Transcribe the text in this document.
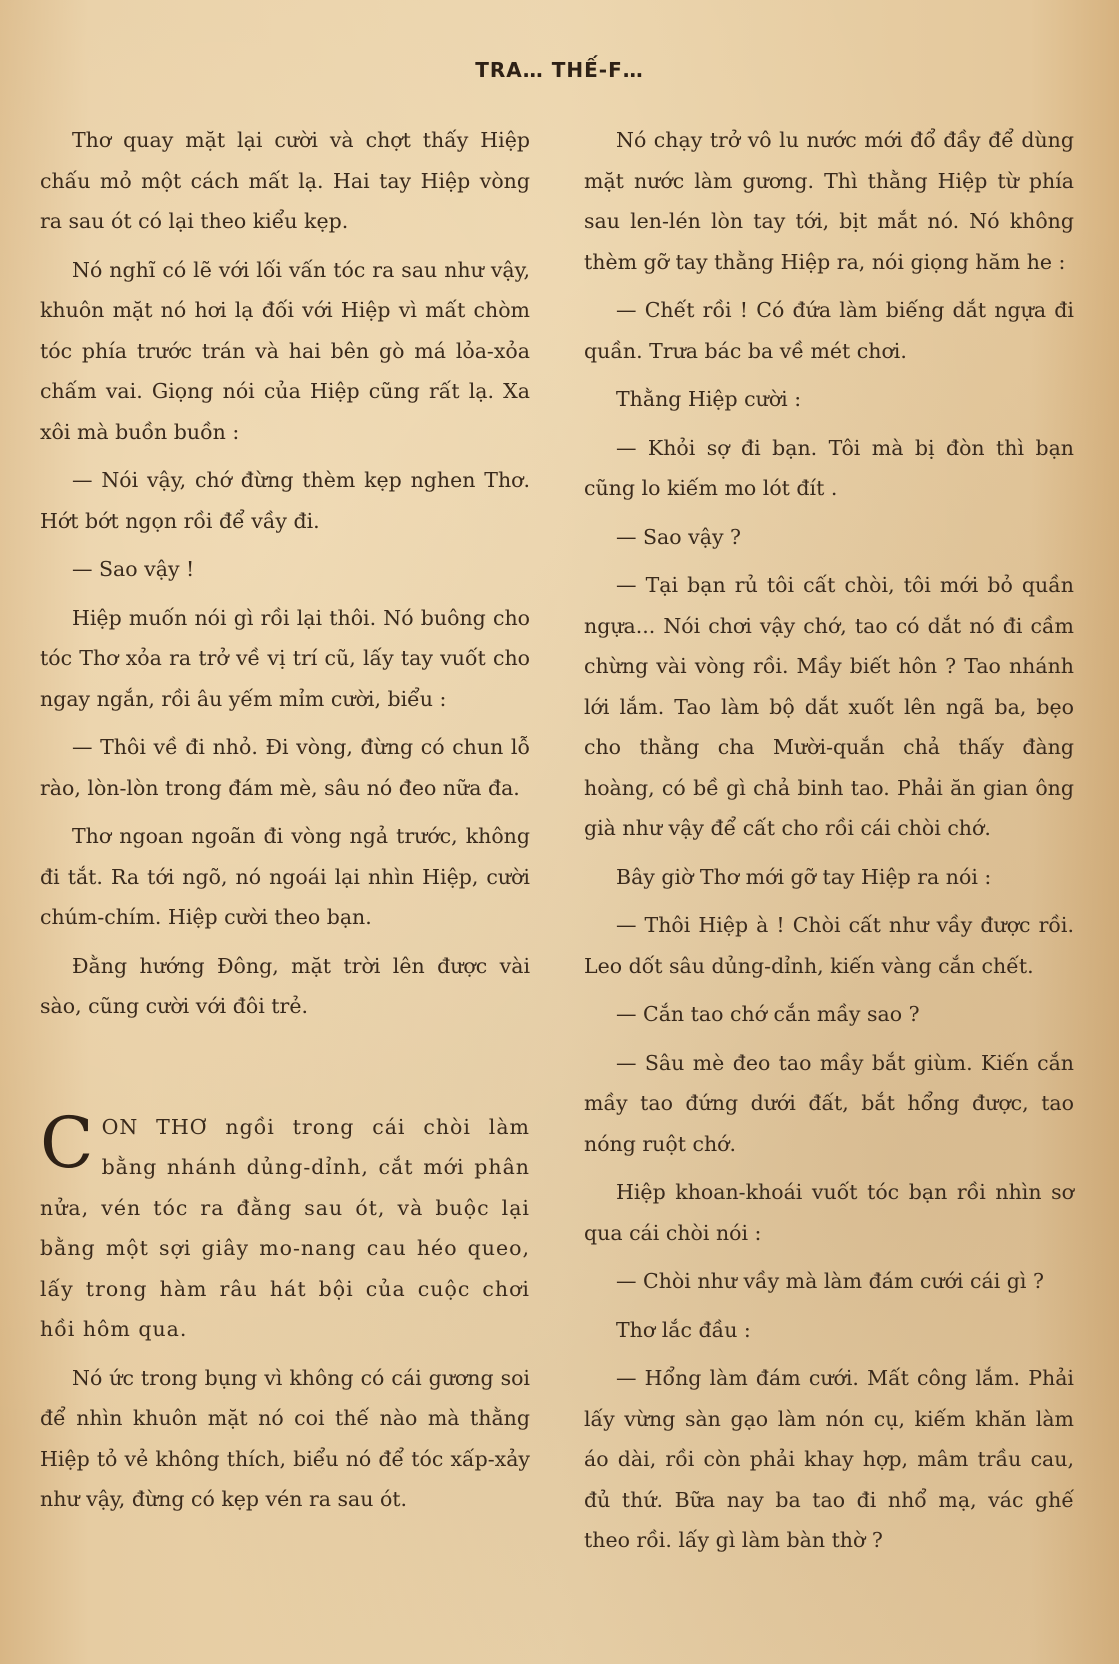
TRA… THẾ-F…

Thơ quay mặt lại cười và chợt thấy Hiệp chấu mỏ một cách mất lạ. Hai tay Hiệp vòng ra sau ót có lại theo kiểu kẹp.

Nó nghĩ có lẽ với lối vấn tóc ra sau như vậy, khuôn mặt nó hơi lạ đối với Hiệp vì mất chòm tóc phía trước trán và hai bên gò má lỏa-xỏa chấm vai. Giọng nói của Hiệp cũng rất lạ. Xa xôi mà buồn buồn :

— Nói vậy, chớ đừng thèm kẹp nghen Thơ. Hớt bớt ngọn rồi để vầy đi.

— Sao vậy !

Hiệp muốn nói gì rồi lại thôi. Nó buông cho tóc Thơ xỏa ra trở về vị trí cũ, lấy tay vuốt cho ngay ngắn, rồi âu yếm mỉm cười, biểu :

— Thôi về đi nhỏ. Đi vòng, đừng có chun lỗ rào, lòn-lòn trong đám mè, sâu nó đeo nữa đa.

Thơ ngoan ngoãn đi vòng ngả trước, không đi tắt. Ra tới ngõ, nó ngoái lại nhìn Hiệp, cười chúm-chím. Hiệp cười theo bạn.

Đằng hướng Đông, mặt trời lên được vài sào, cũng cười với đôi trẻ.

C ON THƠ ngồi trong cái chòi làm bằng nhánh dủng-dỉnh, cắt mới phân nửa, vén tóc ra đằng sau ót, và buộc lại bằng một sợi giây mo-nang cau héo queo, lấy trong hàm râu hát bội của cuộc chơi hồi hôm qua.

Nó ức trong bụng vì không có cái gương soi để nhìn khuôn mặt nó coi thế nào mà thằng Hiệp tỏ vẻ không thích, biểu nó để tóc xấp-xảy như vậy, đừng có kẹp vén ra sau ót.

Nó chạy trở vô lu nước mới đổ đầy để dùng mặt nước làm gương. Thì thằng Hiệp từ phía sau len-lén lòn tay tới, bịt mắt nó. Nó không thèm gỡ tay thằng Hiệp ra, nói giọng hăm he :

— Chết rồi ! Có đứa làm biếng dắt ngựa đi quần. Trưa bác ba về mét chơi.

Thằng Hiệp cười :

— Khỏi sợ đi bạn. Tôi mà bị đòn thì bạn cũng lo kiếm mo lót đít .

— Sao vậy ?

— Tại bạn rủ tôi cất chòi, tôi mới bỏ quần ngựa... Nói chơi vậy chớ, tao có dắt nó đi cầm chừng vài vòng rồi. Mầy biết hôn ? Tao nhánh lới lắm. Tao làm bộ dắt xuốt lên ngã ba, bẹo cho thằng cha Mười-quắn chả thấy đàng hoàng, có bề gì chả binh tao. Phải ăn gian ông già như vậy để cất cho rồi cái chòi chớ.

Bây giờ Thơ mới gỡ tay Hiệp ra nói :

— Thôi Hiệp à ! Chòi cất như vầy được rồi. Leo dốt sâu dủng-dỉnh, kiến vàng cắn chết.

— Cắn tao chớ cắn mầy sao ?

— Sâu mè đeo tao mầy bắt giùm. Kiến cắn mầy tao đứng dưới đất, bắt hổng được, tao nóng ruột chớ.

Hiệp khoan-khoái vuốt tóc bạn rồi nhìn sơ qua cái chòi nói :

— Chòi như vầy mà làm đám cưới cái gì ?

Thơ lắc đầu :

— Hổng làm đám cưới. Mất công lắm. Phải lấy vừng sàn gạo làm nón cụ, kiếm khăn làm áo dài, rồi còn phải khay hợp, mâm trầu cau, đủ thứ. Bữa nay ba tao đi nhổ mạ, vác ghế theo rồi. lấy gì làm bàn thờ ?
